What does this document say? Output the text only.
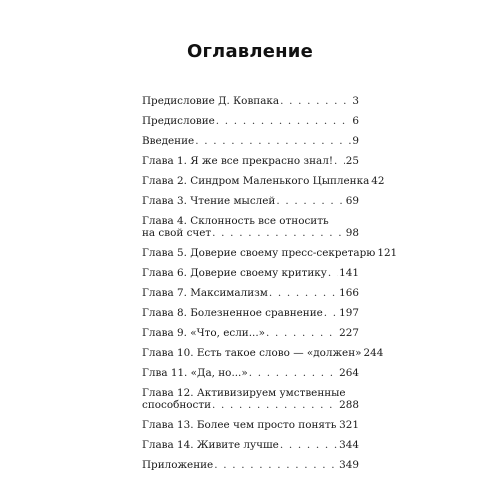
Оглавление
Предисловие Д. Ковпака . . .	3
Предисловие . . .	6
Введение . . .	9
Глава 1. Я же все прекрасно знал! . . . 25
Глава 2. Синдром Маленького Цыпленка 42
Глава 3. Чтение мыслей . . .	69
Глава 4. Склонность все относить
на свой счет . . .	98
Глава 5. Доверие своему пресс-секретарю 121
Глава 6. Доверие своему критику . . . 141
Глава 7. Максимализм . . .	166
Глава 8. Болезненное сравнение . . . 197
Глава 9. «Что, если...» . . .	227
Глава 10. Есть такое слово — «должен» 244
Глва 11. «Да, но...» . . .	264
Глава 12. Активизируем умственные
способности . . .	288
Глава 13. Более чем просто понять . . . 321
Глава 14. Живите лучше . . .	344
Приложение . . .	349
